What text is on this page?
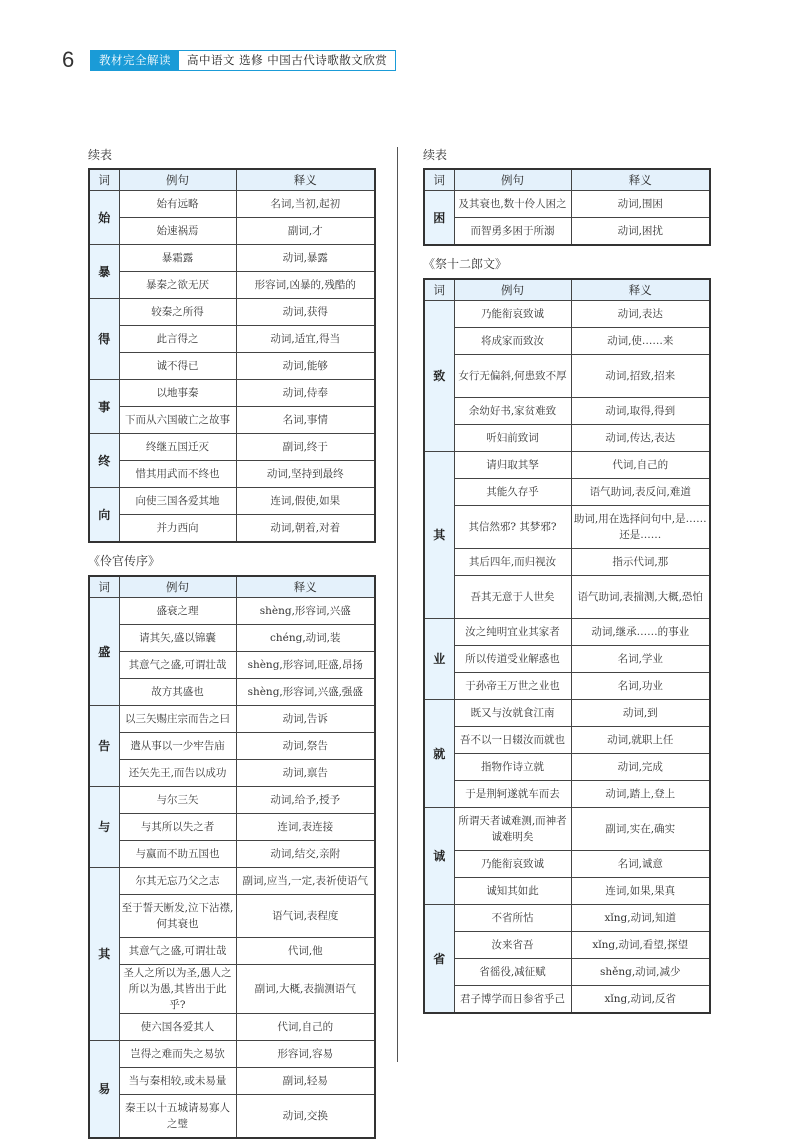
6	教材完全解读	高中语文 选修 中国古代诗歌散文欣赏
续表
词	例句	释义
始	始有远略	名词,当初,起初
	始速祸焉	副词,才
暴	暴霜露	动词,暴露
	暴秦之欲无厌	形容词,凶暴的,残酷的
得	较秦之所得	动词,获得
	此言得之	动词,适宜,得当
	诚不得已	动词,能够
事	以地事秦	动词,侍奉
	下而从六国破亡之故事	名词,事情
终	终继五国迁灭	副词,终于
	惜其用武而不终也	动词,坚持到最终
向	向使三国各爱其地	连词,假使,如果
	并力西向	动词,朝着,对着
《伶官传序》
词	例句	释义
盛	盛衰之理	shèng,形容词,兴盛
	请其矢,盛以锦囊	chéng,动词,装
	其意气之盛,可谓壮哉	shèng,形容词,旺盛,昂扬
	故方其盛也	shèng,形容词,兴盛,强盛
告	以三矢赐庄宗而告之曰	动词,告诉
	遣从事以一少牢告庙	动词,祭告
	还矢先王,而告以成功	动词,禀告
与	与尔三矢	动词,给予,授予
	与其所以失之者	连词,表连接
	与嬴而不助五国也	动词,结交,亲附
其	尔其无忘乃父之志	副词,应当,一定,表祈使语气
	至于誓天断发,泣下沾襟,何其衰也	语气词,表程度
	其意气之盛,可谓壮哉	代词,他
	圣人之所以为圣,愚人之所以为愚,其皆出于此乎?	副词,大概,表揣测语气
	使六国各爱其人	代词,自己的
易	岂得之难而失之易欤	形容词,容易
	当与秦相较,或未易量	副词,轻易
	秦王以十五城请易寡人之璧	动词,交换
续表
词	例句	释义
困	及其衰也,数十伶人困之	动词,围困
	而智勇多困于所溺	动词,困扰
《祭十二郎文》
词	例句	释义
致	乃能衔哀致诚	动词,表达
	将成家而致汝	动词,使……来
	女行无偏斜,何患致不厚	动词,招致,招来
	余幼好书,家贫难致	动词,取得,得到
	听妇前致词	动词,传达,表达
其	请归取其孥	代词,自己的
	其能久存乎	语气助词,表反问,难道
	其信然邪? 其梦邪?	助词,用在选择问句中,是……还是……
	其后四年,而归视汝	指示代词,那
	吾其无意于人世矣	语气助词,表揣测,大概,恐怕
业	汝之纯明宜业其家者	动词,继承……的事业
	所以传道受业解惑也	名词,学业
	于孙帝王万世之业也	名词,功业
就	既又与汝就食江南	动词,到
	吾不以一日辍汝而就也	动词,就职上任
	指物作诗立就	动词,完成
	于是荆轲遂就车而去	动词,踏上,登上
诚	所谓天者诚难测,而神者诚难明矣	副词,实在,确实
	乃能衔哀致诚	名词,诚意
	诚知其如此	连词,如果,果真
省	不省所怙	xǐng,动词,知道
	汝来省吾	xǐng,动词,看望,探望
	省徭役,减征赋	shěng,动词,减少
	君子博学而日参省乎己	xǐng,动词,反省
